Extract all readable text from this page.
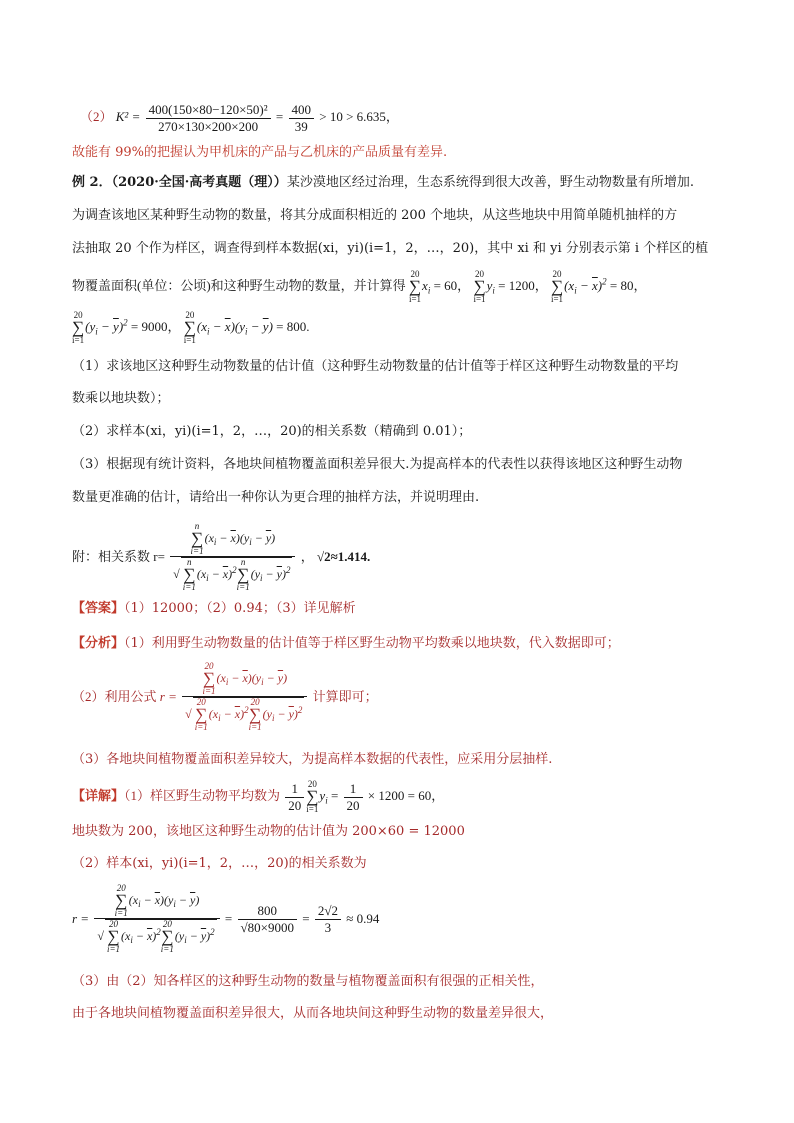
（2） $K^2 = \frac{\text{400(150×80−120×50)²}}{270\times 130\times 200\times 200} = \frac{400}{39} > 10 > 6.635$，
故能有 99%的把握认为甲机床的产品与乙机床的产品质量有差异.
例 2．（2020·全国·高考真题（理））某沙漠地区经过治理，生态系统得到很大改善，野生动物数量有所增加.
为调查该地区某种野生动物的数量，将其分成面积相近的 200 个地块，从这些地块中用简单随机抽样的方
法抽取 20 个作为样区，调查得到样本数据(xi，yi)(i=1，2，…，20)，其中 xi 和 yi 分别表示第 i 个样区的植
物覆盖面积(单位：公顷)和这种野生动物的数量，并计算得 20
∑
$i=1x_i = 60$， 20
∑
$i=1y_i = 1200$， 20
∑
$i=1(x_i - \overline{x})^2 = 80$，
20
∑
$i=1(y_i - \overline{y})^2 = 9000$， 20
∑
$i=1(x_i - \overline{x})(y_i - \overline{y}) = 800$.
（1）求该地区这种野生动物数量的估计值（这种野生动物数量的估计值等于样区这种野生动物数量的平均
数乘以地块数）；
（2）求样本(xi，yi)(i=1，2，…，20)的相关系数（精确到 0.01）；
（3）根据现有统计资料，各地块间植物覆盖面积差异很大.为提高样本的代表性以获得该地区这种野生动物
数量更准确的估计，请给出一种你认为更合理的抽样方法，并说明理由.
附：相关系数 r= n
∑
$i=1(x_i - \overline{x})(y_i - \overline{y})$
√n
∑
$i=1(x_i - \overline{x})^2n$
∑
$i=1(y_i - \overline{y})^2$ ， √2≈1.414.
【答案】（1）12000；（2）0.94；（3）详见解析
【分析】（1）利用野生动物数量的估计值等于样区野生动物平均数乘以地块数，代入数据即可；
（2）利用公式 r = 20
∑
$i=1(x_i - \overline{x})(y_i - \overline{y})$
√20
∑
$i=1(x_i - \overline{x})^220$
∑
$i=1(y_i - \overline{y})^2$ 计算即可；
（3）各地块间植物覆盖面积差异较大，为提高样本数据的代表性，应采用分层抽样.
【详解】（1）样区野生动物平均数为 $\frac{1}{20} 20$
∑
$i=1y_i = \frac{1}{20} \times 1200 = 60$，
地块数为 200，该地区这种野生动物的估计值为 200×60 = 12000
（2）样本(xi，yi)(i=1，2，…，20)的相关系数为
r = 20
∑
$i=1(x_i - \overline{x})(y_i - \overline{y})$
√20
∑
$i=1(x_i - \overline{x})^220$
∑
$i=1(y_i - \overline{y})^2 = \frac{800}{√80\times 9000} = \frac{2√2}{3} \approx 0.94$
（3）由（2）知各样区的这种野生动物的数量与植物覆盖面积有很强的正相关性，
由于各地块间植物覆盖面积差异很大，从而各地块间这种野生动物的数量差异很大，
